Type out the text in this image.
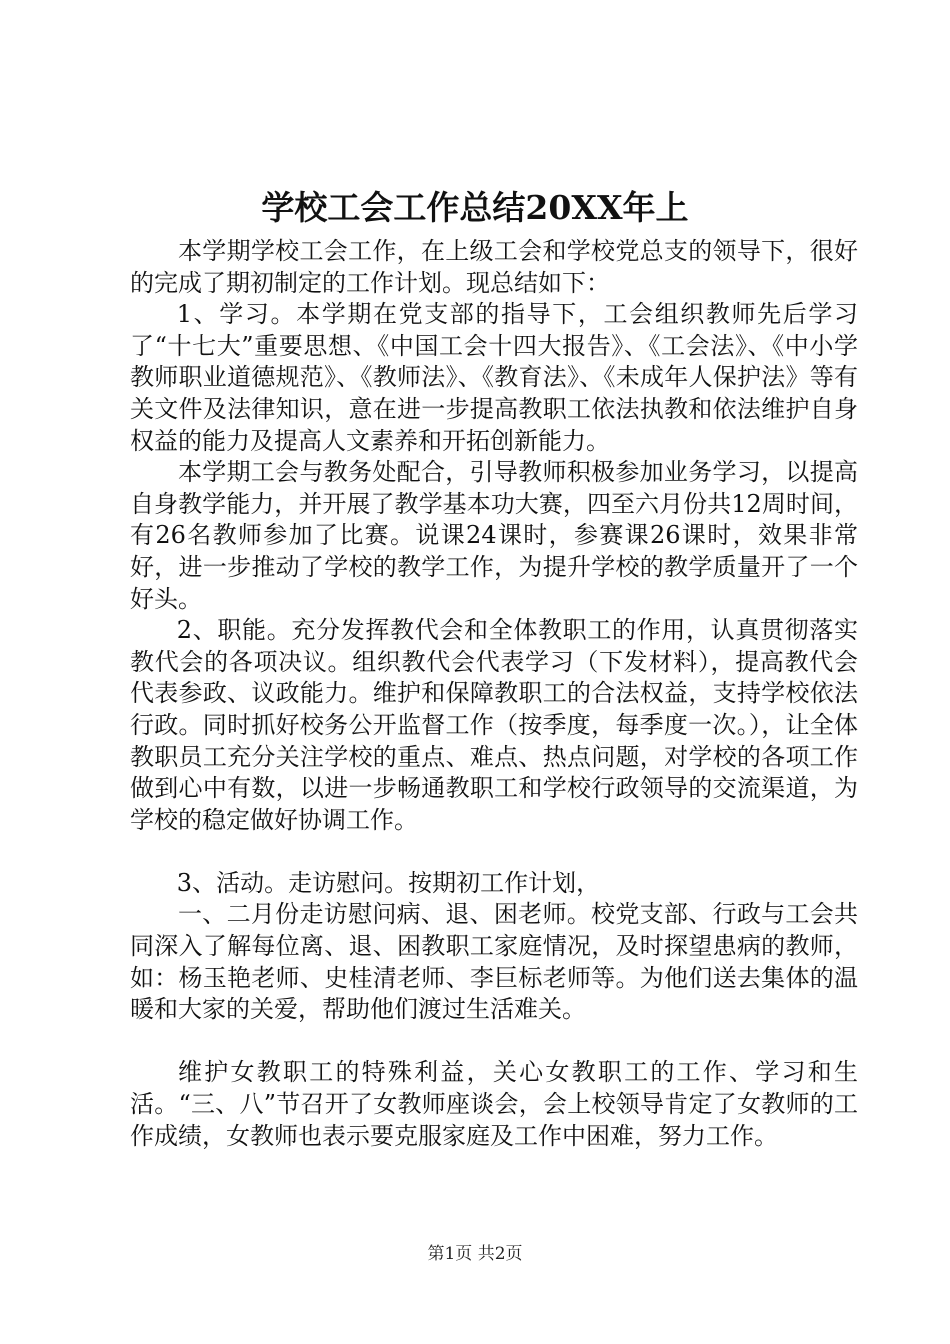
学校工会工作总结20XX年上

本学期学校工会工作，在上级工会和学校党总支的领导下，很好的完成了期初制定的工作计划。现总结如下：

1、学习。本学期在党支部的指导下，工会组织教师先后学习了“十七大”重要思想、《中国工会十四大报告》、《工会法》、《中小学教师职业道德规范》、《教师法》、《教育法》、《未成年人保护法》等有关文件及法律知识，意在进一步提高教职工依法执教和依法维护自身权益的能力及提高人文素养和开拓创新能力。

本学期工会与教务处配合，引导教师积极参加业务学习，以提高自身教学能力，并开展了教学基本功大赛，四至六月份共12周时间，有26名教师参加了比赛。说课24课时，参赛课26课时，效果非常好，进一步推动了学校的教学工作，为提升学校的教学质量开了一个好头。

2、职能。充分发挥教代会和全体教职工的作用，认真贯彻落实教代会的各项决议。组织教代会代表学习（下发材料），提高教代会代表参政、议政能力。维护和保障教职工的合法权益，支持学校依法行政。同时抓好校务公开监督工作（按季度，每季度一次。），让全体教职员工充分关注学校的重点、难点、热点问题，对学校的各项工作做到心中有数，以进一步畅通教职工和学校行政领导的交流渠道，为学校的稳定做好协调工作。

3、活动。走访慰问。按期初工作计划，

一、二月份走访慰问病、退、困老师。校党支部、行政与工会共同深入了解每位离、退、困教职工家庭情况，及时探望患病的教师，如：杨玉艳老师、史桂清老师、李巨标老师等。为他们送去集体的温暖和大家的关爱，帮助他们渡过生活难关。

维护女教职工的特殊利益，关心女教职工的工作、学习和生活。“三、八”节召开了女教师座谈会，会上校领导肯定了女教师的工作成绩，女教师也表示要克服家庭及工作中困难，努力工作。

第1页 共2页
